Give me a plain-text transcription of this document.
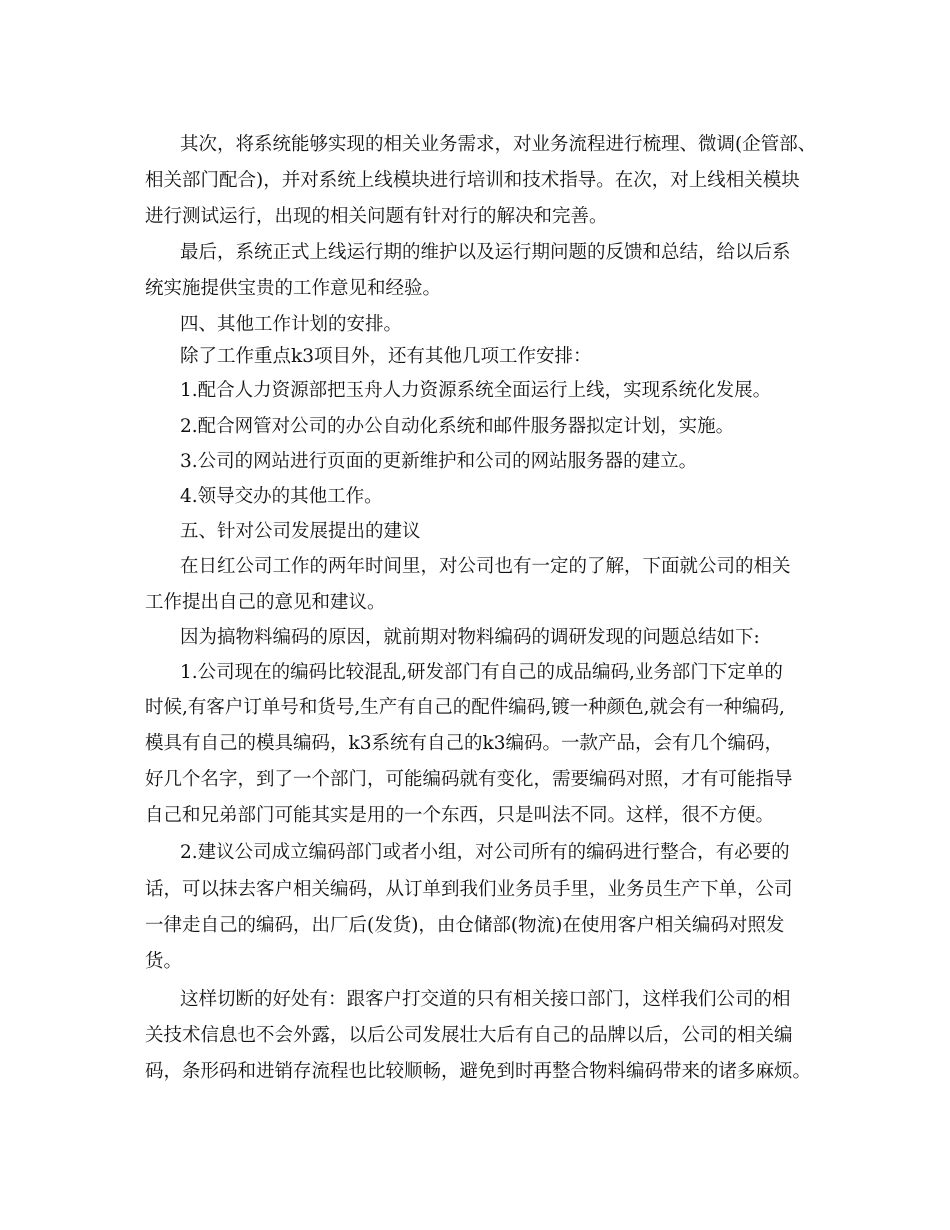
其次，将系统能够实现的相关业务需求，对业务流程进行梳理、微调(企管部、
相关部门配合)，并对系统上线模块进行培训和技术指导。在次，对上线相关模块
进行测试运行，出现的相关问题有针对行的解决和完善。
最后，系统正式上线运行期的维护以及运行期问题的反馈和总结，给以后系
统实施提供宝贵的工作意见和经验。
四、其他工作计划的安排。
除了工作重点k3项目外，还有其他几项工作安排：
1.配合人力资源部把玉舟人力资源系统全面运行上线，实现系统化发展。
2.配合网管对公司的办公自动化系统和邮件服务器拟定计划，实施。
3.公司的网站进行页面的更新维护和公司的网站服务器的建立。
4.领导交办的其他工作。
五、针对公司发展提出的建议
在日红公司工作的两年时间里，对公司也有一定的了解，下面就公司的相关
工作提出自己的意见和建议。
因为搞物料编码的原因，就前期对物料编码的调研发现的问题总结如下:
1.公司现在的编码比较混乱,研发部门有自己的成品编码,业务部门下定单的
时候,有客户订单号和货号,生产有自己的配件编码,镀一种颜色,就会有一种编码,
模具有自己的模具编码，k3系统有自己的k3编码。一款产品，会有几个编码，
好几个名字，到了一个部门，可能编码就有变化，需要编码对照，才有可能指导
自己和兄弟部门可能其实是用的一个东西，只是叫法不同。这样，很不方便。
2.建议公司成立编码部门或者小组，对公司所有的编码进行整合，有必要的
话，可以抹去客户相关编码，从订单到我们业务员手里，业务员生产下单，公司
一律走自己的编码，出厂后(发货)，由仓储部(物流)在使用客户相关编码对照发
货。
这样切断的好处有：跟客户打交道的只有相关接口部门，这样我们公司的相
关技术信息也不会外露，以后公司发展壮大后有自己的品牌以后，公司的相关编
码，条形码和进销存流程也比较顺畅，避免到时再整合物料编码带来的诸多麻烦。
